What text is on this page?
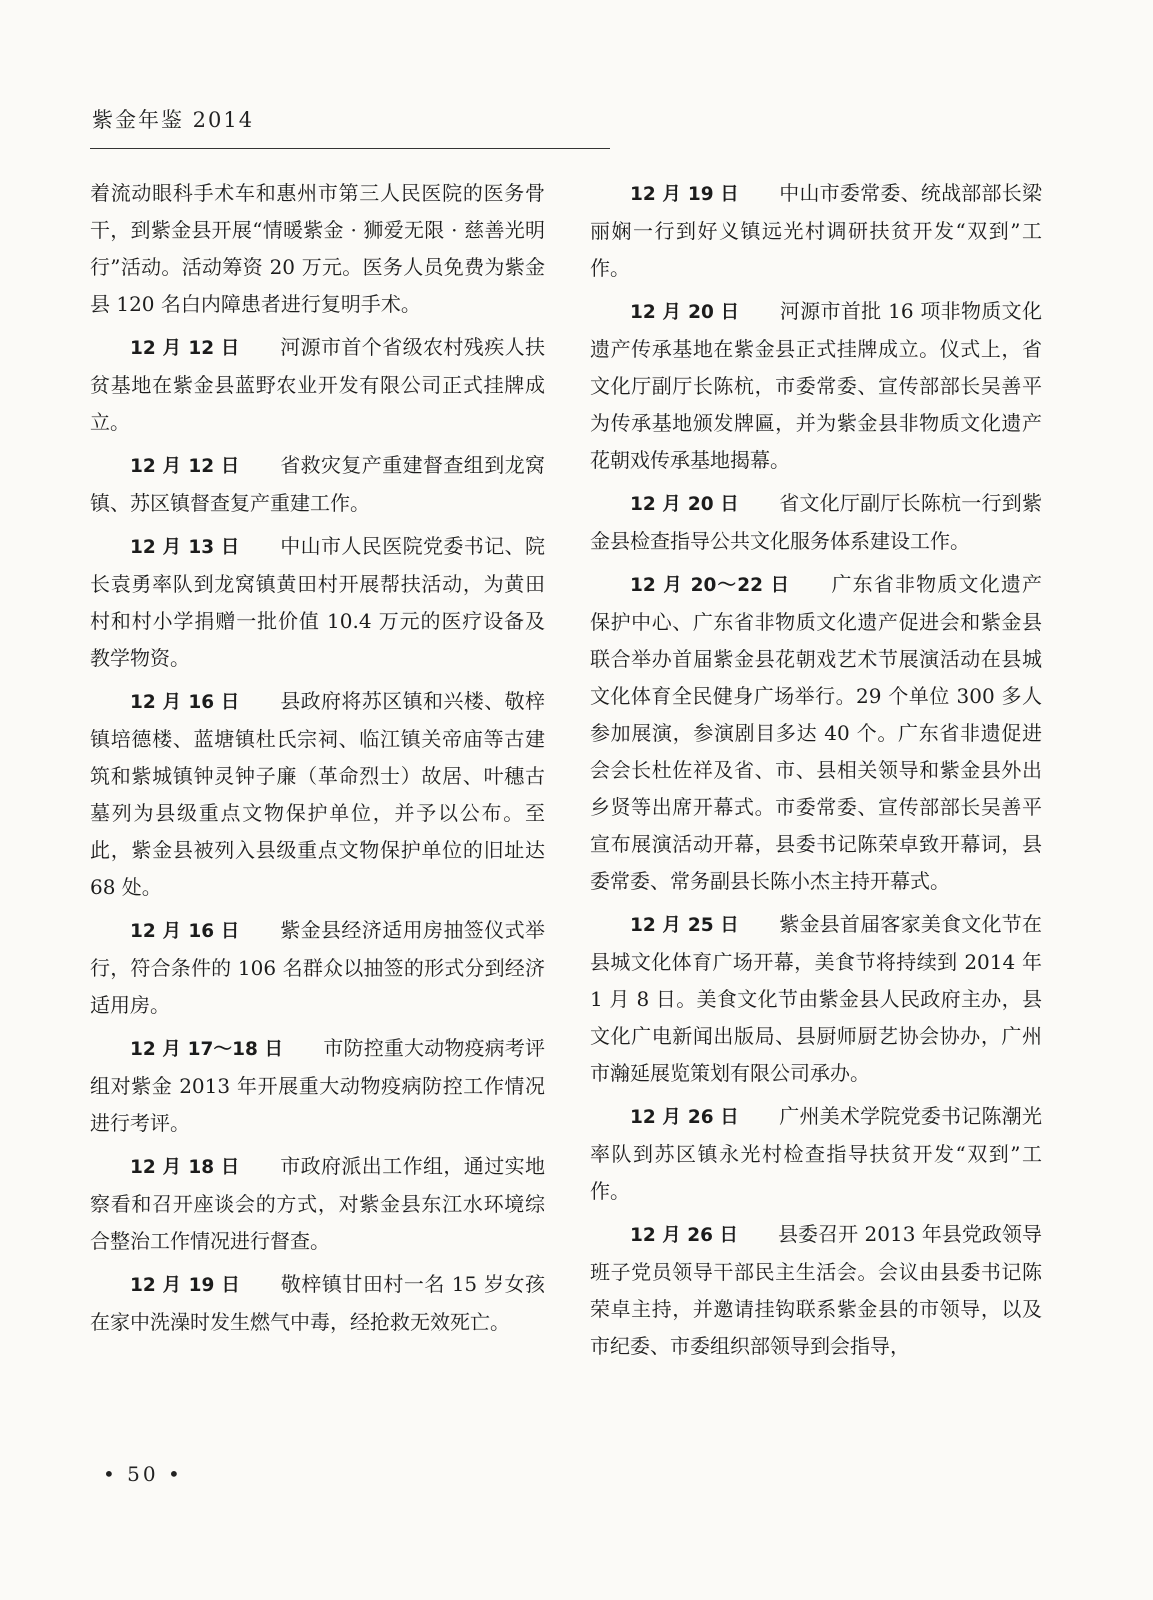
紫金年鉴 2014

着流动眼科手术车和惠州市第三人民医院的医务骨干，到紫金县开展“情暖紫金 · 狮爱无限 · 慈善光明行”活动。活动筹资 20 万元。医务人员免费为紫金县 120 名白内障患者进行复明手术。

12 月 12 日 河源市首个省级农村残疾人扶贫基地在紫金县蓝野农业开发有限公司正式挂牌成立。

12 月 12 日 省救灾复产重建督查组到龙窝镇、苏区镇督查复产重建工作。

12 月 13 日 中山市人民医院党委书记、院长袁勇率队到龙窝镇黄田村开展帮扶活动，为黄田村和村小学捐赠一批价值 10.4 万元的医疗设备及教学物资。

12 月 16 日 县政府将苏区镇和兴楼、敬梓镇培德楼、蓝塘镇杜氏宗祠、临江镇关帝庙等古建筑和紫城镇钟灵钟子廉（革命烈士）故居、叶穗古墓列为县级重点文物保护单位，并予以公布。至此，紫金县被列入县级重点文物保护单位的旧址达 68 处。

12 月 16 日 紫金县经济适用房抽签仪式举行，符合条件的 106 名群众以抽签的形式分到经济适用房。

12 月 17～18 日 市防控重大动物疫病考评组对紫金 2013 年开展重大动物疫病防控工作情况进行考评。

12 月 18 日 市政府派出工作组，通过实地察看和召开座谈会的方式，对紫金县东江水环境综合整治工作情况进行督查。

12 月 19 日 敬梓镇甘田村一名 15 岁女孩在家中洗澡时发生燃气中毒，经抢救无效死亡。

12 月 19 日 中山市委常委、统战部部长梁丽娴一行到好义镇远光村调研扶贫开发“双到”工作。

12 月 20 日 河源市首批 16 项非物质文化遗产传承基地在紫金县正式挂牌成立。仪式上，省文化厅副厅长陈杭，市委常委、宣传部部长吴善平为传承基地颁发牌匾，并为紫金县非物质文化遗产花朝戏传承基地揭幕。

12 月 20 日 省文化厅副厅长陈杭一行到紫金县检查指导公共文化服务体系建设工作。

12 月 20～22 日 广东省非物质文化遗产保护中心、广东省非物质文化遗产促进会和紫金县联合举办首届紫金县花朝戏艺术节展演活动在县城文化体育全民健身广场举行。29 个单位 300 多人参加展演，参演剧目多达 40 个。广东省非遗促进会会长杜佐祥及省、市、县相关领导和紫金县外出乡贤等出席开幕式。市委常委、宣传部部长吴善平宣布展演活动开幕，县委书记陈荣卓致开幕词，县委常委、常务副县长陈小杰主持开幕式。

12 月 25 日 紫金县首届客家美食文化节在县城文化体育广场开幕，美食节将持续到 2014 年 1 月 8 日。美食文化节由紫金县人民政府主办，县文化广电新闻出版局、县厨师厨艺协会协办，广州市瀚延展览策划有限公司承办。

12 月 26 日 广州美术学院党委书记陈潮光率队到苏区镇永光村检查指导扶贫开发“双到”工作。

12 月 26 日 县委召开 2013 年县党政领导班子党员领导干部民主生活会。会议由县委书记陈荣卓主持，并邀请挂钩联系紫金县的市领导，以及市纪委、市委组织部领导到会指导，

• 50 •
